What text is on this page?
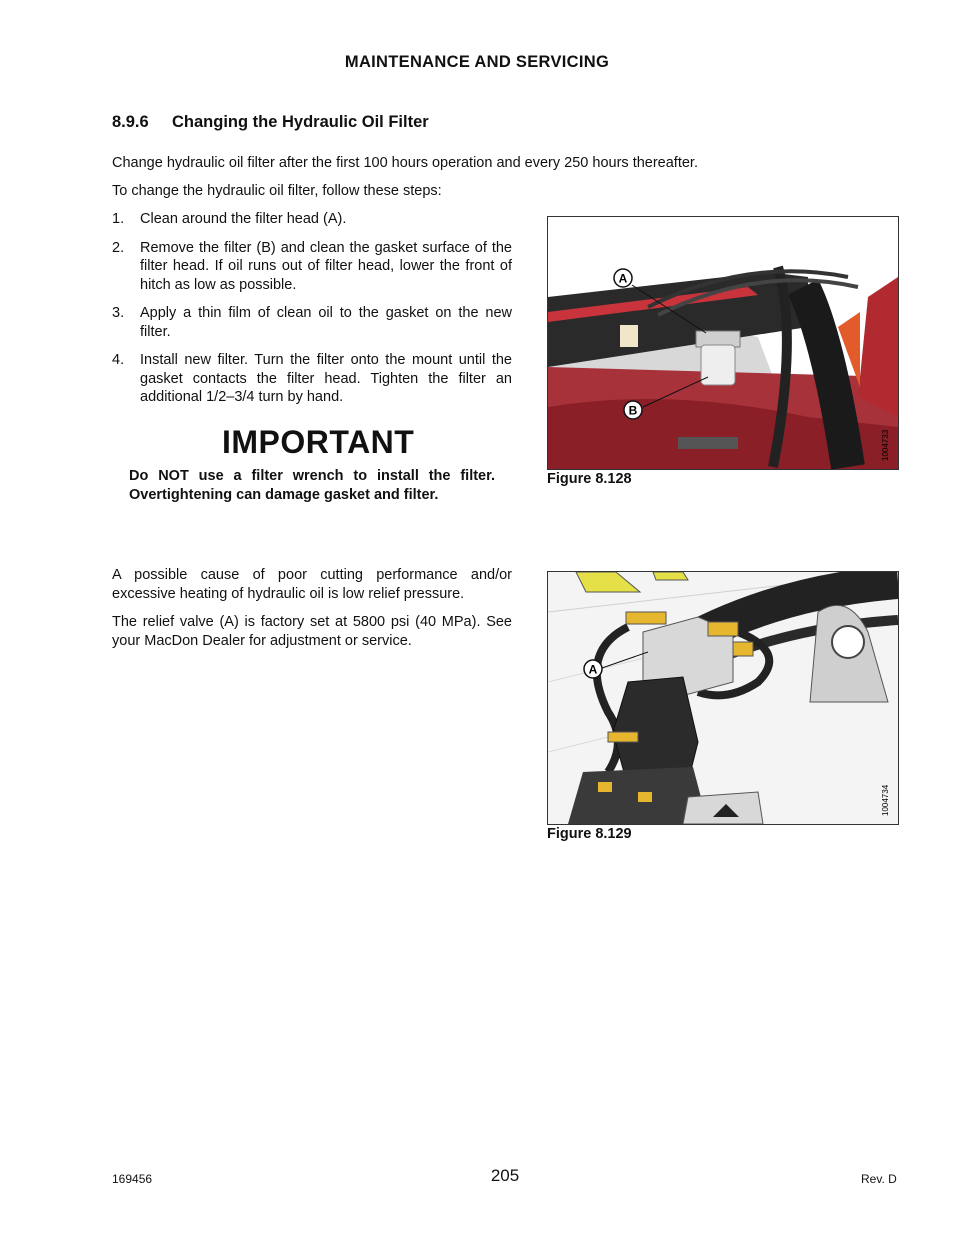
MAINTENANCE AND SERVICING
8.9.6 Changing the Hydraulic Oil Filter
Change hydraulic oil filter after the first 100 hours operation and every 250 hours thereafter.
To change the hydraulic oil filter, follow these steps:
1. Clean around the filter head (A).
2. Remove the filter (B) and clean the gasket surface of the filter head. If oil runs out of filter head, lower the front of hitch as low as possible.
3. Apply a thin film of clean oil to the gasket on the new filter.
4. Install new filter. Turn the filter onto the mount until the gasket contacts the filter head. Tighten the filter an additional 1/2–3/4 turn by hand.
IMPORTANT
Do NOT use a filter wrench to install the filter. Overtightening can damage gasket and filter.
A
B
1004733
Figure 8.128
A possible cause of poor cutting performance and/or excessive heating of hydraulic oil is low relief pressure.
The relief valve (A) is factory set at 5800 psi (40 MPa). See your MacDon Dealer for adjustment or service.
A
1004734
Figure 8.129
169456	205	Rev. D
